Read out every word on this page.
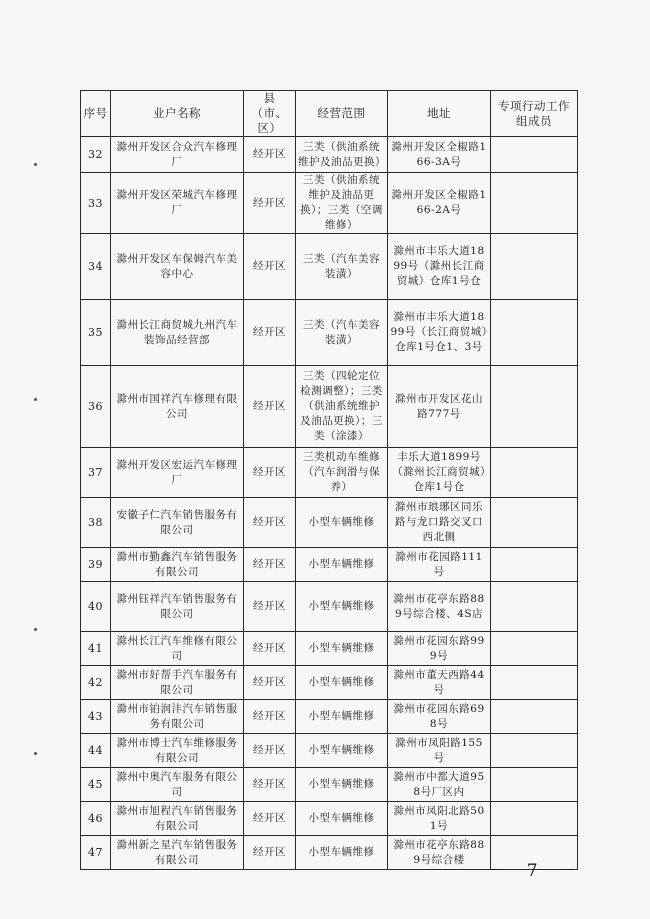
序号	业户名称	县（市、区）	经营范围	地址	专项行动工作组成员
32	滁州开发区合众汽车修理厂	经开区	三类（供油系统维护及油品更换）	滁州开发区全椒路166-3A号	
33	滁州开发区荣城汽车修理厂	经开区	三类（供油系统维护及油品更换）；三类（空调维修）	滁州开发区全椒路166-2A号	
34	滁州开发区车保姆汽车美容中心	经开区	三类（汽车美容装潢）	滁州市丰乐大道1899号（滁州长江商贸城）仓库1号仓	
35	滁州长江商贸城九州汽车装饰品经营部	经开区	三类（汽车美容装潢）	滁州市丰乐大道1899号（长江商贸城）仓库1号仓1、3号	
36	滁州市国祥汽车修理有限公司	经开区	三类（四轮定位检测调整）；三类（供油系统维护及油品更换）；三类（涂漆）	滁州市开发区花山路777号	
37	滁州开发区宏运汽车修理厂	经开区	三类机动车维修（汽车润滑与保养）	丰乐大道1899号（滁州长江商贸城）仓库1号仓	
38	安徽子仁汽车销售服务有限公司	经开区	小型车辆维修	滁州市琅琊区同乐路与龙口路交叉口西北侧	
39	滁州市勤鑫汽车销售服务有限公司	经开区	小型车辆维修	滁州市花园路111号	
40	滁州钰祥汽车销售服务有限公司	经开区	小型车辆维修	滁州市花亭东路889号综合楼、4S店	
41	滁州长江汽车维修有限公司	经开区	小型车辆维修	滁州市花园东路999号	
42	滁州市好帮手汽车服务有限公司	经开区	小型车辆维修	滁州市董天西路44号	
43	滁州市铂润沣汽车销售服务有限公司	经开区	小型车辆维修	滁州市花园东路698号	
44	滁州市博士汽车维修服务有限公司	经开区	小型车辆维修	滁州市凤阳路155号	
45	滁州中奥汽车服务有限公司	经开区	小型车辆维修	滁州市中都大道958号厂区内	
46	滁州市旭程汽车销售服务有限公司	经开区	小型车辆维修	滁州市凤阳北路501号	
47	滁州新之星汽车销售服务有限公司	经开区	小型车辆维修	滁州市花亭东路889号综合楼	
－ 7 －
